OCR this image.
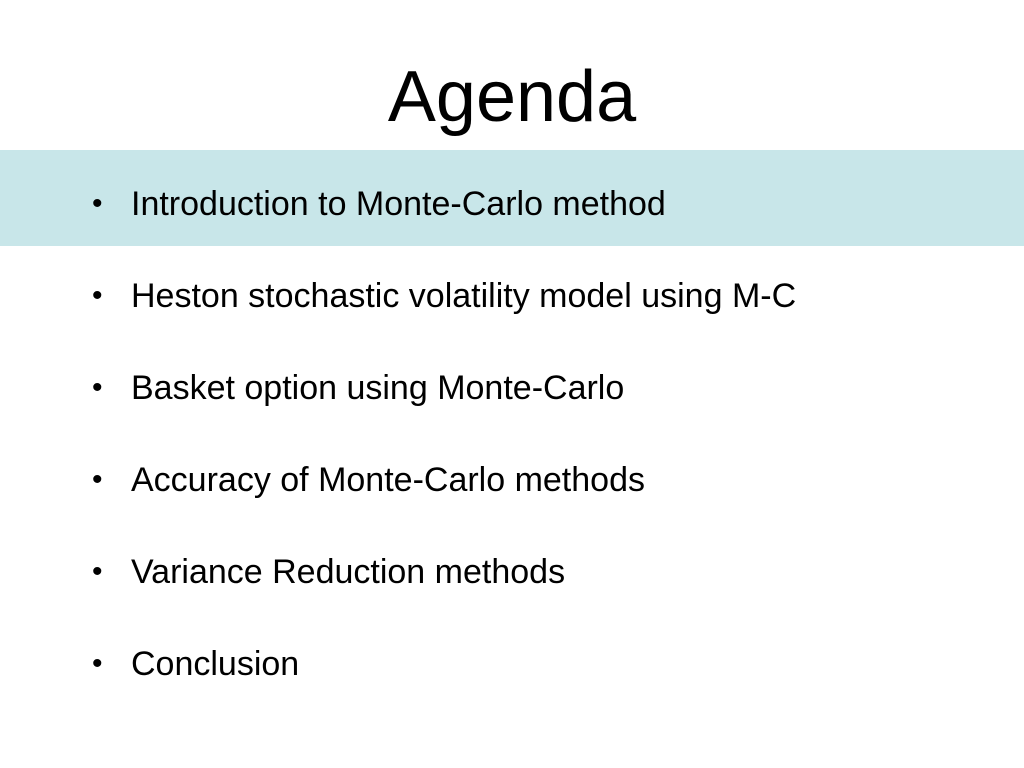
Agenda
• Introduction to Monte-Carlo method
• Heston stochastic volatility model using M-C
• Basket option using Monte-Carlo
• Accuracy of Monte-Carlo methods
• Variance Reduction methods
• Conclusion
